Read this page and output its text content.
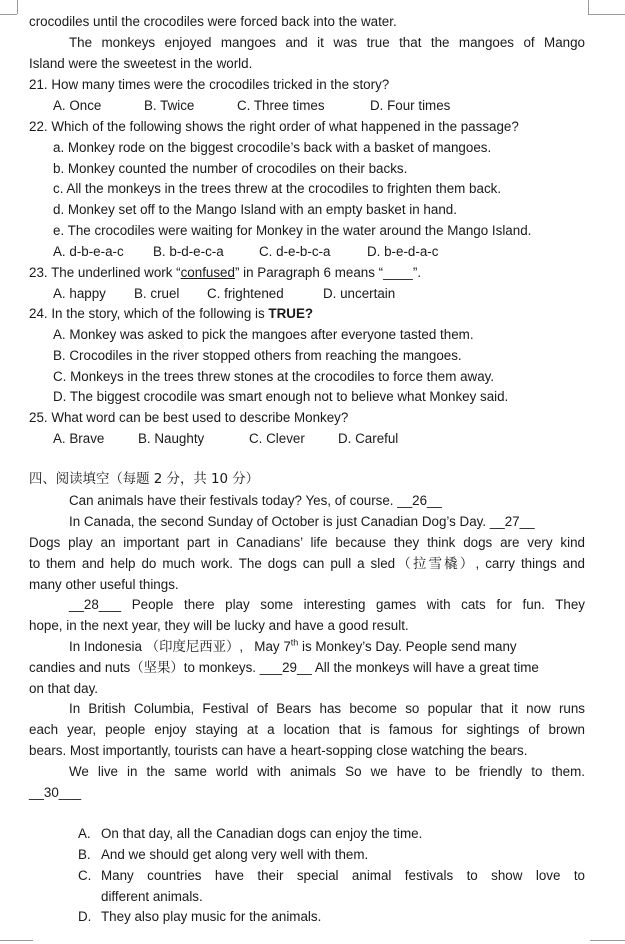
crocodiles until the crocodiles were forced back into the water.
The monkeys enjoyed mangoes and it was true that the mangoes of Mango
Island were the sweetest in the world.
21. How many times were the crocodiles tricked in the story?

A. Once

	B. Twice

	C. Three times

	D. Four times

22. Which of the following shows the right order of what happened in the passage?
a. Monkey rode on the biggest crocodile’s back with a basket of mangoes.
b. Monkey counted the number of crocodiles on their backs.
c. All the monkeys in the trees threw at the crocodiles to frighten them back.
d. Monkey set off to the Mango Island with an empty basket in hand.
e. The crocodiles were waiting for Monkey in the water around the Mango Island.

A. d-b-e-a-c

B. b-d-e-c-a

	C. d-e-b-c-a

	D. b-e-d-a-c

23. The underlined work “confused” in Paragraph 6 means “____”.

A. happy

B. cruel

C. frightened

	D. uncertain

24. In the story, which of the following is TRUE?
A. Monkey was asked to pick the mangoes after everyone tasted them.
B. Crocodiles in the river stopped others from reaching the mangoes.
C. Monkeys in the trees threw stones at the crocodiles to force them away.
D. The biggest crocodile was smart enough not to believe what Monkey said.
25. What word can be best used to describe Monkey?

A. Brave

	B. Naughty

	C. Clever

D. Careful

四、阅读填空（每题 2 分，共 10 分）
Can animals have their festivals today? Yes, of course. __26__
In Canada, the second Sunday of October is just Canadian Dog’s Day. __27__
Dogs play an important part in Canadians’ life because they think dogs are very kind
to them and help do much work. The dogs can pull a sled（拉雪橇）, carry things and
many other useful things.
__28___ People there play some interesting games with cats for fun. They
hope, in the next year, they will be lucky and have a good result.
In Indonesia （印度尼西亚）,   May 7th is Monkey’s Day. People send many
candies and nuts（坚果）to monkeys. ___29__ All the monkeys will have a great time
on that day.
In British Columbia, Festival of Bears has become so popular that it now runs
each year, people enjoy staying at a location that is famous for sightings of brown
bears. Most importantly, tourists can have a heart-sopping close watching the bears.
We live in the same world with animals So we have to be friendly to them.
__30___
A. On that day, all the Canadian dogs can enjoy the time.
B. And we should get along very well with them.
C. Many countries have their special animal festivals to show love to
different animals.
D. They also play music for the animals.
